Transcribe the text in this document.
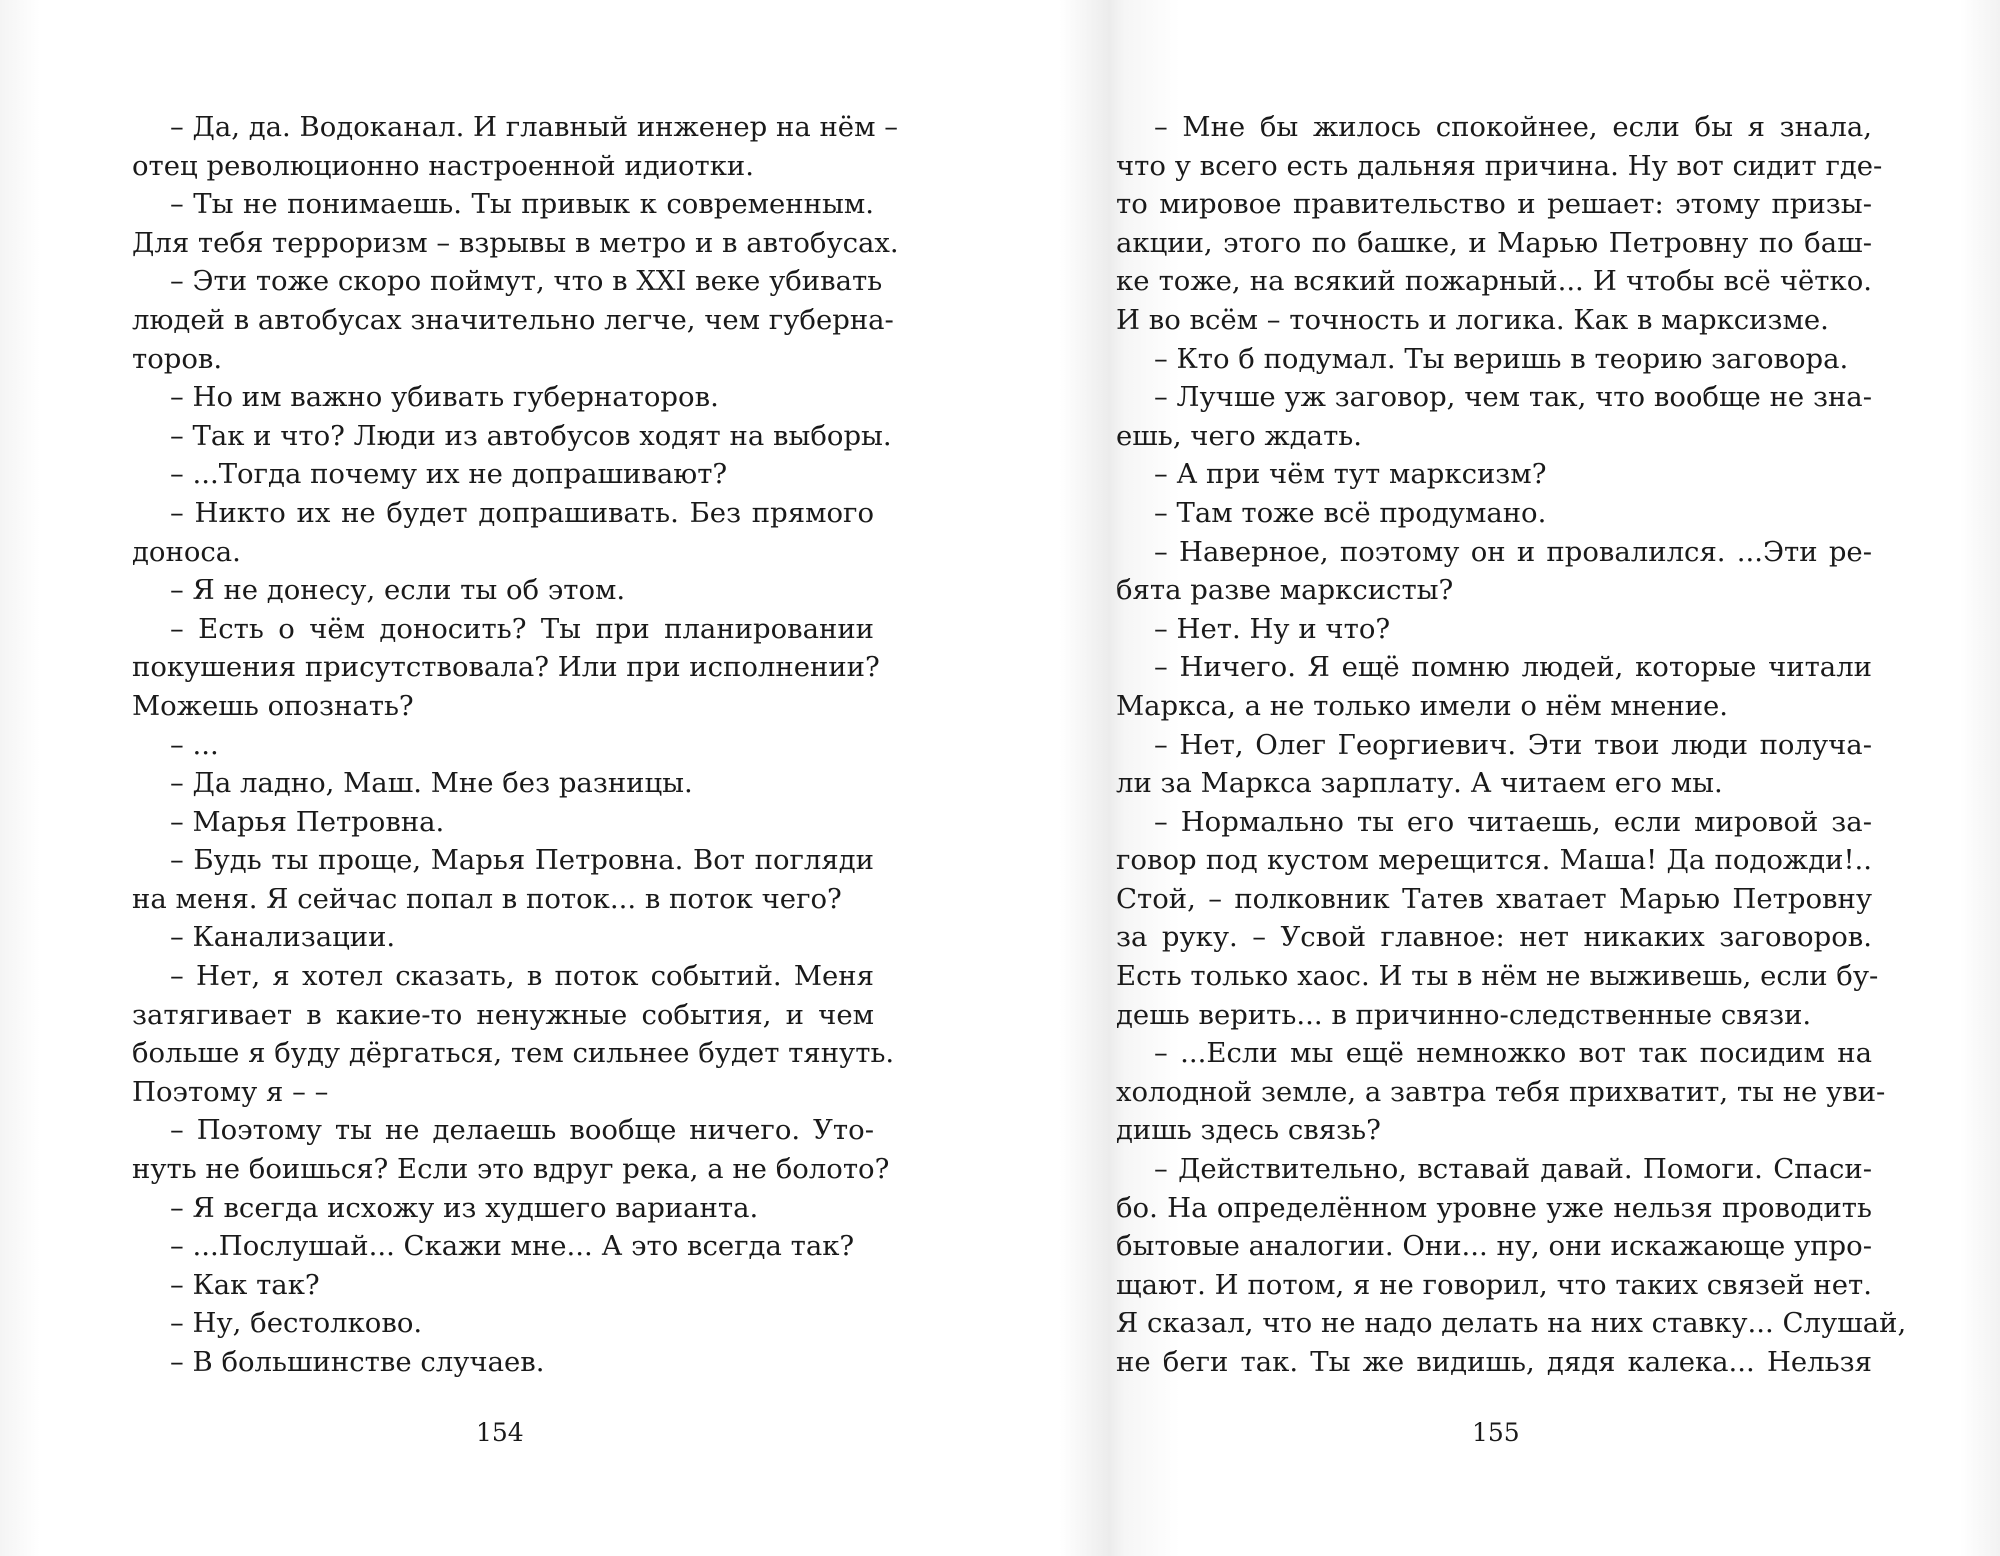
– Да, да. Водоканал. И главный инженер на нём –
отец революционно настроенной идиотки.
– Ты не понимаешь. Ты привык к современным.
Для тебя терроризм – взрывы в метро и в автобусах.
– Эти тоже скоро поймут, что в XXI веке убивать
людей в автобусах значительно легче, чем губерна-
торов.
– Но им важно убивать губернаторов.
– Так и что? Люди из автобусов ходят на выборы.
– ...Тогда почему их не допрашивают?
– Никто их не будет допрашивать. Без прямого
доноса.
– Я не донесу, если ты об этом.
– Есть о чём доносить? Ты при планировании
покушения присутствовала? Или при исполнении?
Можешь опознать?
– ...
– Да ладно, Маш. Мне без разницы.
– Марья Петровна.
– Будь ты проще, Марья Петровна. Вот погляди
на меня. Я сейчас попал в поток... в поток чего?
– Канализации.
– Нет, я хотел сказать, в поток событий. Меня
затягивает в какие-то ненужные события, и чем
больше я буду дёргаться, тем сильнее будет тянуть.
Поэтому я – –
– Поэтому ты не делаешь вообще ничего. Уто-
нуть не боишься? Если это вдруг река, а не болото?
– Я всегда исхожу из худшего варианта.
– ...Послушай... Скажи мне... А это всегда так?
– Как так?
– Ну, бестолково.
– В большинстве случаев.
– Мне бы жилось спокойнее, если бы я знала,
что у всего есть дальняя причина. Ну вот сидит где-
то мировое правительство и решает: этому призы-
акции, этого по башке, и Марью Петровну по баш-
ке тоже, на всякий пожарный... И чтобы всё чётко.
И во всём – точность и логика. Как в марксизме.
– Кто б подумал. Ты веришь в теорию заговора.
– Лучше уж заговор, чем так, что вообще не зна-
ешь, чего ждать.
– А при чём тут марксизм?
– Там тоже всё продумано.
– Наверное, поэтому он и провалился. ...Эти ре-
бята разве марксисты?
– Нет. Ну и что?
– Ничего. Я ещё помню людей, которые читали
Маркса, а не только имели о нём мнение.
– Нет, Олег Георгиевич. Эти твои люди получа-
ли за Маркса зарплату. А читаем его мы.
– Нормально ты его читаешь, если мировой за-
говор под кустом мерещится. Маша! Да подожди!..
Стой, – полковник Татев хватает Марью Петровну
за руку. – Усвой главное: нет никаких заговоров.
Есть только хаос. И ты в нём не выживешь, если бу-
дешь верить... в причинно-следственные связи.
– ...Если мы ещё немножко вот так посидим на
холодной земле, а завтра тебя прихватит, ты не уви-
дишь здесь связь?
– Действительно, вставай давай. Помоги. Спаси-
бо. На определённом уровне уже нельзя проводить
бытовые аналогии. Они... ну, они искажающе упро-
щают. И потом, я не говорил, что таких связей нет.
Я сказал, что не надо делать на них ставку... Слушай,
не беги так. Ты же видишь, дядя калека... Нельзя
154	155
